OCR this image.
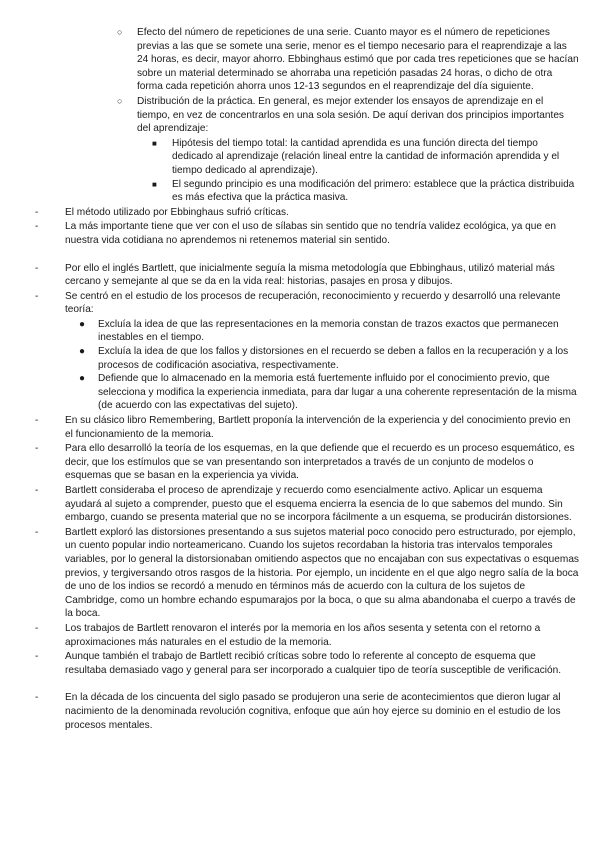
○ Efecto del número de repeticiones de una serie. Cuanto mayor es el número de repeticiones previas a las que se somete una serie, menor es el tiempo necesario para el reaprendizaje a las 24 horas, es decir, mayor ahorro. Ebbinghaus estimó que por cada tres repeticiones que se hacían sobre un material determinado se ahorraba una repetición pasadas 24 horas, o dicho de otra forma cada repetición ahorra unos 12-13 segundos en el reaprendizaje del día siguiente.
○ Distribución de la práctica. En general, es mejor extender los ensayos de aprendizaje en el tiempo, en vez de concentrarlos en una sola sesión. De aquí derivan dos principios importantes del aprendizaje:
■ Hipótesis del tiempo total: la cantidad aprendida es una función directa del tiempo dedicado al aprendizaje (relación lineal entre la cantidad de información aprendida y el tiempo dedicado al aprendizaje).
■ El segundo principio es una modificación del primero: establece que la práctica distribuida es más efectiva que la práctica masiva.
-	El método utilizado por Ebbinghaus sufrió críticas.
-	La más importante tiene que ver con el uso de sílabas sin sentido que no tendría validez ecológica, ya que en nuestra vida cotidiana no aprendemos ni retenemos material sin sentido.
-	Por ello el inglés Bartlett, que inicialmente seguía la misma metodología que Ebbinghaus, utilizó material más cercano y semejante al que se da en la vida real: historias, pasajes en prosa y dibujos.
-	Se centró en el estudio de los procesos de recuperación, reconocimiento y recuerdo y desarrolló una relevante teoría:
● Excluía la idea de que las representaciones en la memoria constan de trazos exactos que permanecen inestables en el tiempo.
● Excluía la idea de que los fallos y distorsiones en el recuerdo se deben a fallos en la recuperación y a los procesos de codificación asociativa, respectivamente.
● Defiende que lo almacenado en la memoria está fuertemente influido por el conocimiento previo, que selecciona y modifica la experiencia inmediata, para dar lugar a una coherente representación de la misma (de acuerdo con las expectativas del sujeto).
-	En su clásico libro Remembering, Bartlett proponía la intervención de la experiencia y del conocimiento previo en el funcionamiento de la memoria.
-	Para ello desarrolló la teoría de los esquemas, en la que defiende que el recuerdo es un proceso esquemático, es decir, que los estímulos que se van presentando son interpretados a través de un conjunto de modelos o esquemas que se basan en la experiencia ya vivida.
-	Bartlett consideraba el proceso de aprendizaje y recuerdo como esencialmente activo. Aplicar un esquema ayudará al sujeto a comprender, puesto que el esquema encierra la esencia de lo que sabemos del mundo. Sin embargo, cuando se presenta material que no se incorpora fácilmente a un esquema, se producirán distorsiones.
-	Bartlett exploró las distorsiones presentando a sus sujetos material poco conocido pero estructurado, por ejemplo, un cuento popular indio norteamericano. Cuando los sujetos recordaban la historia tras intervalos temporales variables, por lo general la distorsionaban omitiendo aspectos que no encajaban con sus expectativas o esquemas previos, y tergiversando otros rasgos de la historia. Por ejemplo, un incidente en el que algo negro salía de la boca de uno de los indios se recordó a menudo en términos más de acuerdo con la cultura de los sujetos de Cambridge, como un hombre echando espumarajos por la boca, o que su alma abandonaba el cuerpo a través de la boca.
-	Los trabajos de Bartlett renovaron el interés por la memoria en los años sesenta y setenta con el retorno a aproximaciones más naturales en el estudio de la memoria.
-	Aunque también el trabajo de Bartlett recibió críticas sobre todo lo referente al concepto de esquema que resultaba demasiado vago y general para ser incorporado a cualquier tipo de teoría susceptible de verificación.
-	En la década de los cincuenta del siglo pasado se produjeron una serie de acontecimientos que dieron lugar al nacimiento de la denominada revolución cognitiva, enfoque que aún hoy ejerce su dominio en el estudio de los procesos mentales.
